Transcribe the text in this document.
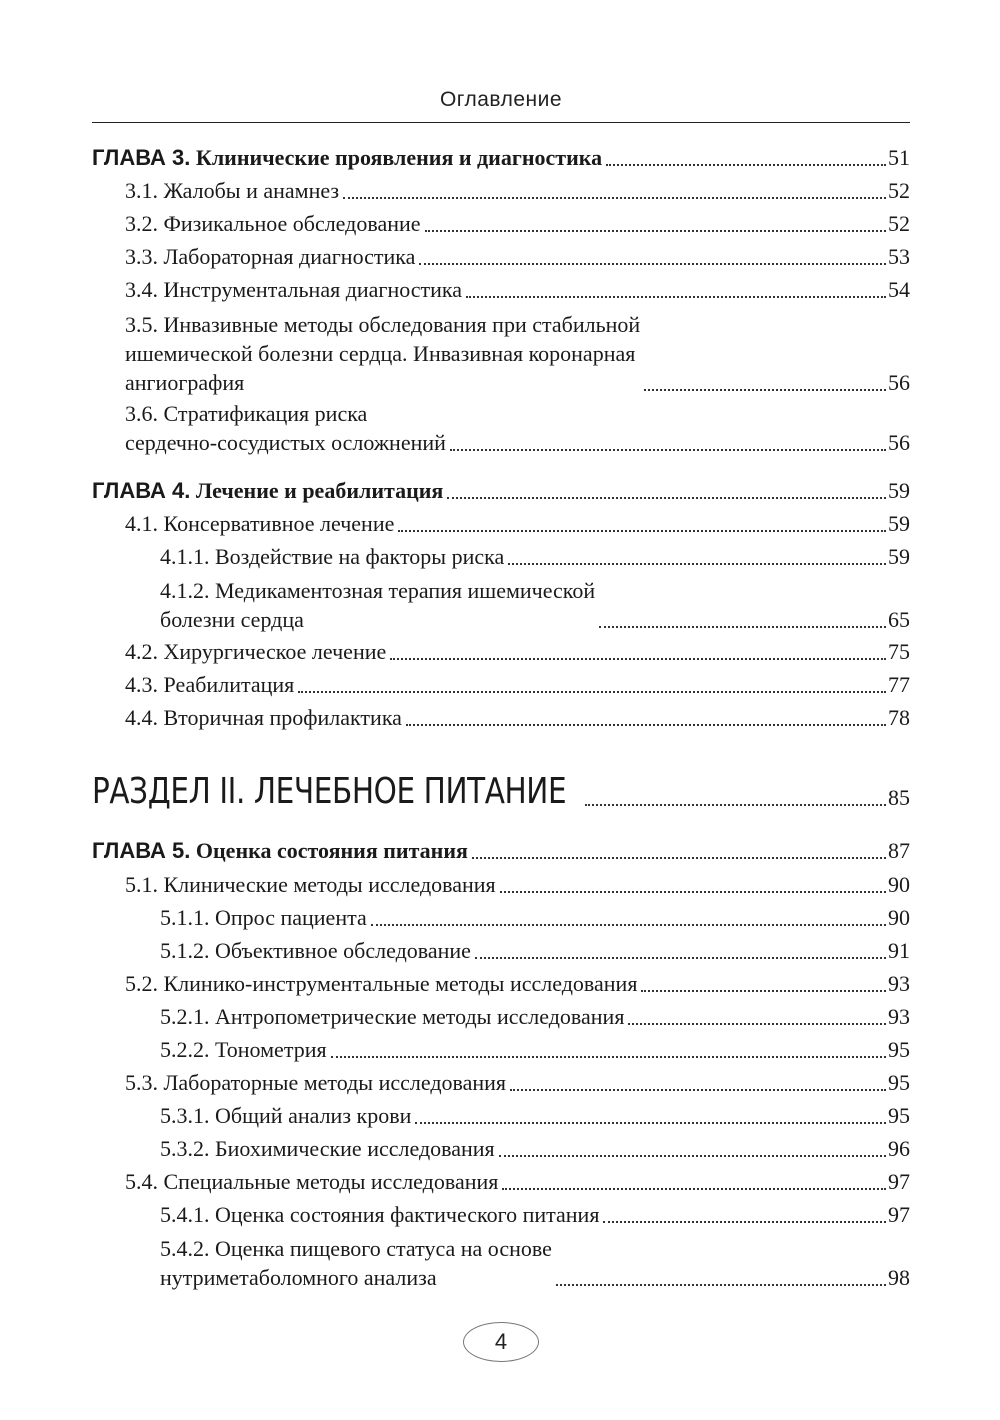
Оглавление
ГЛАВА 3. Клинические проявления и диагностика	51
3.1. Жалобы и анамнез	52
3.2. Физикальное обследование	52
3.3. Лабораторная диагностика	53
3.4. Инструментальная диагностика	54
3.5. Инвазивные методы обследования при стабильной
ишемической болезни сердца. Инвазивная коронарная
ангиография	56
3.6. Стратификация риска
сердечно-сосудистых осложнений	56
ГЛАВА 4. Лечение и реабилитация	59
4.1. Консервативное лечение	59
4.1.1. Воздействие на факторы риска	59
4.1.2. Медикаментозная терапия ишемической
болезни сердца	65
4.2. Хирургическое лечение	75
4.3. Реабилитация	77
4.4. Вторичная профилактика	78
РАЗДЕЛ II. ЛЕЧЕБНОЕ ПИТАНИЕ	85
ГЛАВА 5. Оценка состояния питания	87
5.1. Клинические методы исследования	90
5.1.1. Опрос пациента	90
5.1.2. Объективное обследование	91
5.2. Клинико-инструментальные методы исследования	93
5.2.1. Антропометрические методы исследования	93
5.2.2. Тонометрия	95
5.3. Лабораторные методы исследования	95
5.3.1. Общий анализ крови	95
5.3.2. Биохимические исследования	96
5.4. Специальные методы исследования	97
5.4.1. Оценка состояния фактического питания	97
5.4.2. Оценка пищевого статуса на основе
нутриметаболомного анализа	98
4
